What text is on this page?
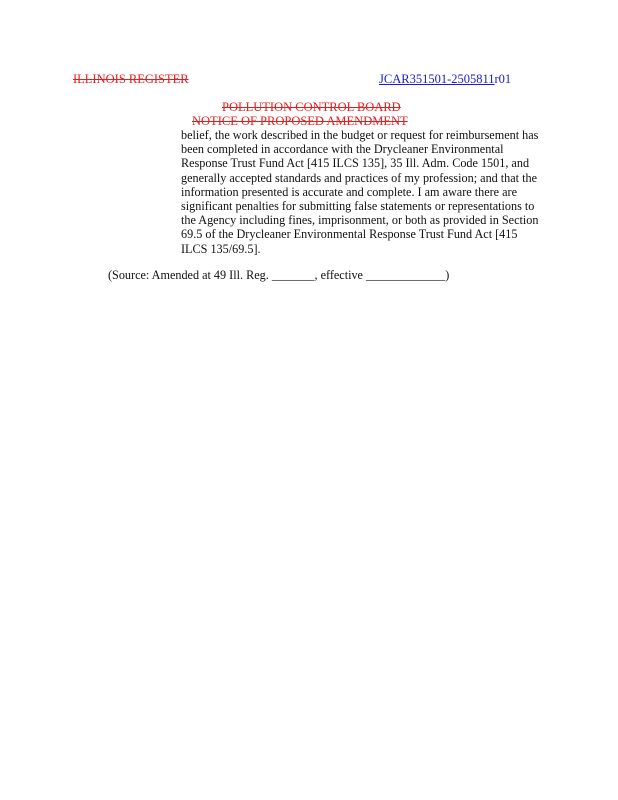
ILLINOIS REGISTER	JCAR351501-2505811r01
POLLUTION CONTROL BOARD
NOTICE OF PROPOSED AMENDMENT
belief, the work described in the budget or request for reimbursement has
been completed in accordance with the Drycleaner Environmental
Response Trust Fund Act [415 ILCS 135], 35 Ill. Adm. Code 1501, and
generally accepted standards and practices of my profession; and that the
information presented is accurate and complete. I am aware there are
significant penalties for submitting false statements or representations to
the Agency including fines, imprisonment, or both as provided in Section
69.5 of the Drycleaner Environmental Response Trust Fund Act [415
ILCS 135/69.5].
(Source: Amended at 49 Ill. Reg. _______, effective _____________)
